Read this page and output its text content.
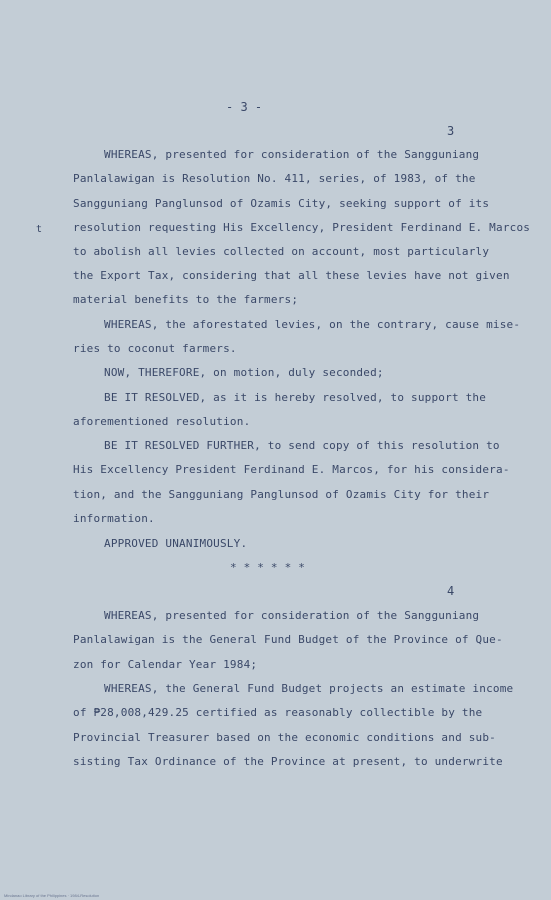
- 3 -
3
WHEREAS, presented for consideration of the Sangguniang
Panlalawigan is Resolution No. 411, series, of 1983, of the
Sangguniang Panglunsod of Ozamis City, seeking support of its
resolution requesting His Excellency, President Ferdinand E. Marcos
to abolish all levies collected on account, most particularly
the Export Tax, considering that all these levies have not given
material benefits to the farmers;
WHEREAS, the aforestated levies, on the contrary, cause mise-
ries to coconut farmers.
NOW, THEREFORE, on motion, duly seconded;
BE IT RESOLVED, as it is hereby resolved, to support the
aforementioned resolution.
BE IT RESOLVED FURTHER, to send copy of this resolution to
His Excellency President Ferdinand E. Marcos, for his considera-
tion, and the Sangguniang Panglunsod of Ozamis City for their
information.
APPROVED UNANIMOUSLY.
* * * * * *
4
WHEREAS, presented for consideration of the Sangguniang
Panlalawigan is the General Fund Budget of the Province of Que-
zon for Calendar Year 1984;
WHEREAS, the General Fund Budget projects an estimate income
of ₱28,008,429.25 certified as reasonably collectible by the
Provincial Treasurer based on the economic conditions and sub-
sisting Tax Ordinance of the Province at present, to underwrite
t
Mindanao Library of the Philippines · 1984-Resolution
